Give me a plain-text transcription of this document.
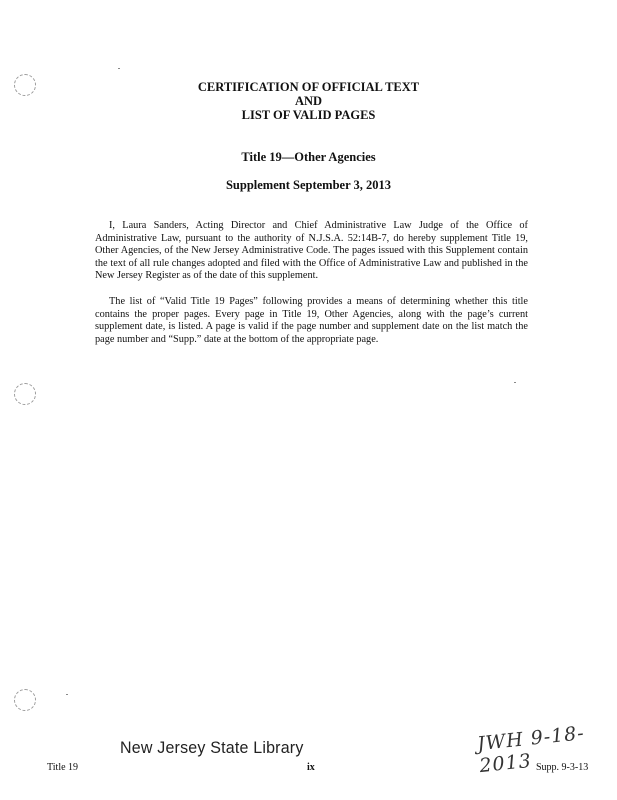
CERTIFICATION OF OFFICIAL TEXT
AND
LIST OF VALID PAGES
Title 19—Other Agencies
Supplement September 3, 2013
I, Laura Sanders, Acting Director and Chief Administrative Law Judge of the Office of Administrative Law, pursuant to the authority of N.J.S.A. 52:14B-7, do hereby supplement Title 19, Other Agencies, of the New Jersey Administrative Code. The pages issued with this Supplement contain the text of all rule changes adopted and filed with the Office of Administrative Law and published in the New Jersey Register as of the date of this supplement.
The list of “Valid Title 19 Pages” following provides a means of determining whether this title contains the proper pages. Every page in Title 19, Other Agencies, along with the page’s current supplement date, is listed. A page is valid if the page number and supplement date on the list match the page number and “Supp.” date at the bottom of the appropriate page.
New Jersey State Library	JWH 9-18-2013
Title 19	ix	Supp. 9-3-13
